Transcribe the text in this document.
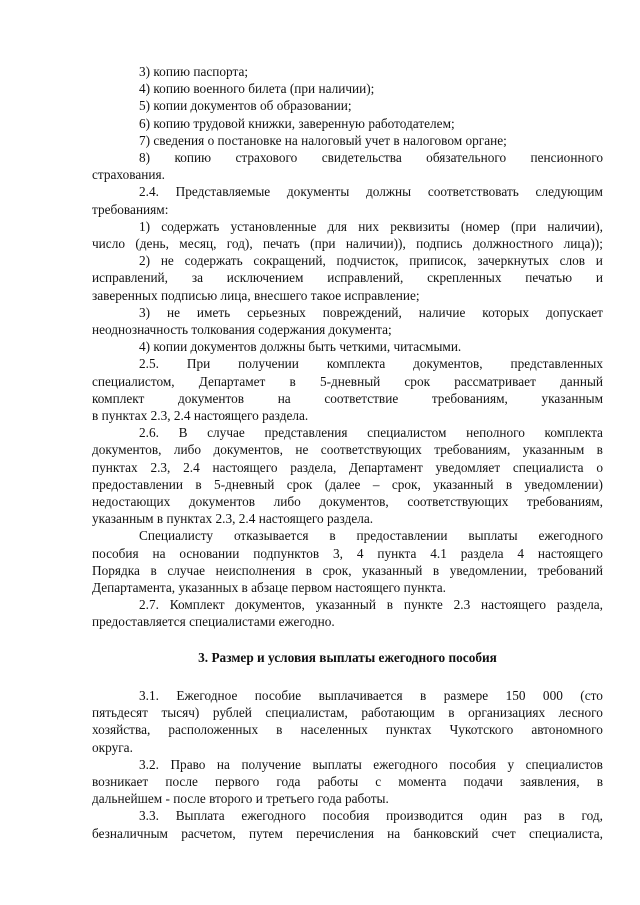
3) копию паспорта;
4) копию военного билета (при наличии);
5) копии документов об образовании;
6) копию трудовой книжки, заверенную работодателем;
7) сведения о постановке на налоговый учет в налоговом органе;
8) копию страхового свидетельства обязательного пенсионного
страхования.
2.4. Представляемые документы должны соответствовать следующим
требованиям:
1) содержать установленные для них реквизиты (номер (при наличии),
число (день, месяц, год), печать (при наличии)), подпись должностного лица));
2) не содержать сокращений, подчисток, приписок, зачеркнутых слов и
исправлений, за исключением исправлений, скрепленных печатью и
заверенных подписью лица, внесшего такое исправление;
3) не иметь серьезных повреждений, наличие которых допускает
неоднозначность толкования содержания документа;
4) копии документов должны быть четкими, читасмыми.
2.5. При получении комплекта документов, представленных
специалистом, Департамет в 5-дневный срок рассматривает данный
комплект	документов	на	соответствие	требованиям,	указанным
в пунктах 2.3, 2.4 настоящего раздела.
2.6. В случае представления специалистом неполного комплекта
документов, либо документов, не соответствующих требованиям, указанным в
пунктах 2.3, 2.4 настоящего раздела, Департамент уведомляет специалиста о
предоставлении в 5-дневный срок (далее – срок, указанный в уведомлении)
недостающих документов либо документов, соответствующих требованиям,
указанным в пунктах 2.3, 2.4 настоящего раздела.
Специалисту отказывается в предоставлении выплаты ежегодного
пособия на основании подпунктов 3, 4 пункта 4.1 раздела 4 настоящего
Порядка в случае неисполнения в срок, указанный в уведомлении, требований
Департамента, указанных в абзаце первом настоящего пункта.
2.7. Комплект документов, указанный в пункте 2.3 настоящего раздела,
предоставляется специалистами ежегодно.
3. Размер и условия выплаты ежегодного пособия
3.1. Ежегодное пособие выплачивается в размере 150 000 (сто
пятьдесят тысяч) рублей специалистам, работающим в организациях лесного
хозяйства, расположенных в населенных пунктах Чукотского автономного
округа.
3.2. Право на получение выплаты ежегодного пособия у специалистов
возникает после первого года работы с момента подачи заявления, в
дальнейшем - после второго и третьего года работы.
3.3. Выплата ежегодного пособия производится один раз в год,
безналичным расчетом, путем перечисления на банковский счет специалиста,
